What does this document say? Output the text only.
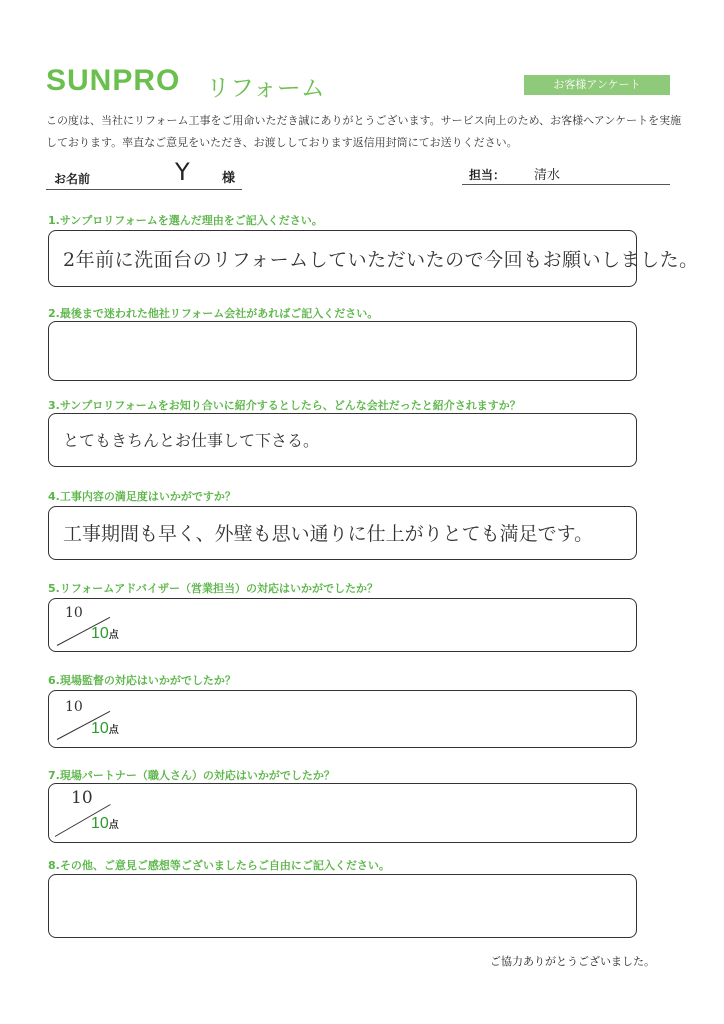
SUNPRO リフォーム	お客様アンケート
この度は、当社にリフォーム工事をご用命いただき誠にありがとうございます。サービス向上のため、お客様へアンケートを実施しております。率直なご意見をいただき、お渡ししております返信用封筒にてお送りください。
お名前	Y 様	担当： 清水
1.サンプロリフォームを選んだ理由をご記入ください。
2年前に洗面台のリフォームしていただいたので今回もお願いしました。
2.最後まで迷われた他社リフォーム会社があればご記入ください。
3.サンプロリフォームをお知り合いに紹介するとしたら、どんな会社だったと紹介されますか？
とてもきちんとお仕事して下さる。
4.工事内容の満足度はいかがですか？
工事期間も早く、外壁も思い通りに仕上がりとても満足です。
5.リフォームアドバイザー（営業担当）の対応はいかがでしたか？
10
10点
6.現場監督の対応はいかがでしたか？
10
10点
7.現場パートナー（職人さん）の対応はいかがでしたか？
10
10点
8.その他、ご意見ご感想等ございましたらご自由にご記入ください。
ご協力ありがとうございました。
